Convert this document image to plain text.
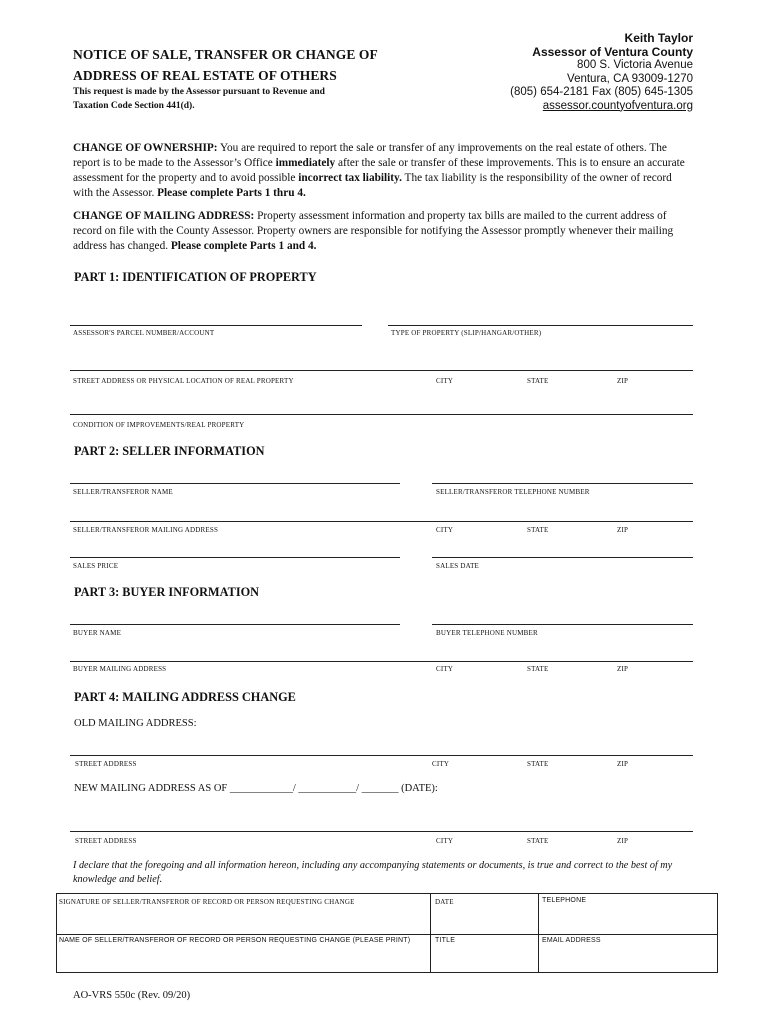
NOTICE OF SALE, TRANSFER OR CHANGE OF
ADDRESS OF REAL ESTATE OF OTHERS
This request is made by the Assessor pursuant to Revenue and
Taxation Code Section 441(d).
Keith Taylor
Assessor of Ventura County
800 S. Victoria Avenue
Ventura, CA 93009-1270
(805) 654-2181 Fax (805) 645-1305
assessor.countyofventura.org
CHANGE OF OWNERSHIP: You are required to report the sale or transfer of any improvements on the real estate of others. The report is to be made to the Assessor’s Office immediately after the sale or transfer of these improvements. This is to ensure an accurate assessment for the property and to avoid possible incorrect tax liability. The tax liability is the responsibility of the owner of record with the Assessor. Please complete Parts 1 thru 4.
CHANGE OF MAILING ADDRESS: Property assessment information and property tax bills are mailed to the current address of record on file with the County Assessor. Property owners are responsible for notifying the Assessor promptly whenever their mailing address has changed. Please complete Parts 1 and 4.
PART 1: IDENTIFICATION OF PROPERTY
ASSESSOR'S PARCEL NUMBER/ACCOUNT	TYPE OF PROPERTY (SLIP/HANGAR/OTHER)
STREET ADDRESS OR PHYSICAL LOCATION OF REAL PROPERTY	CITY	STATE	ZIP
CONDITION OF IMPROVEMENTS/REAL PROPERTY
PART 2: SELLER INFORMATION
SELLER/TRANSFEROR NAME	SELLER/TRANSFEROR TELEPHONE NUMBER
SELLER/TRANSFEROR MAILING ADDRESS	CITY	STATE	ZIP
SALES PRICE	SALES DATE
PART 3: BUYER INFORMATION
BUYER NAME	BUYER TELEPHONE NUMBER
BUYER MAILING ADDRESS	CITY	STATE	ZIP
PART 4: MAILING ADDRESS CHANGE
OLD MAILING ADDRESS:
STREET ADDRESS	CITY	STATE	ZIP
NEW MAILING ADDRESS AS OF ____________/ ___________/ _______ (DATE):
STREET ADDRESS	CITY	STATE	ZIP
I declare that the foregoing and all information hereon, including any accompanying statements or documents, is true and correct to the best of my knowledge and belief.
SIGNATURE OF SELLER/TRANSFEROR OF RECORD OR PERSON REQUESTING CHANGE	DATE	TELEPHONE
NAME OF SELLER/TRANSFEROR OF RECORD OR PERSON REQUESTING CHANGE (PLEASE PRINT)	TITLE	EMAIL ADDRESS
AO-VRS 550c (Rev. 09/20)
